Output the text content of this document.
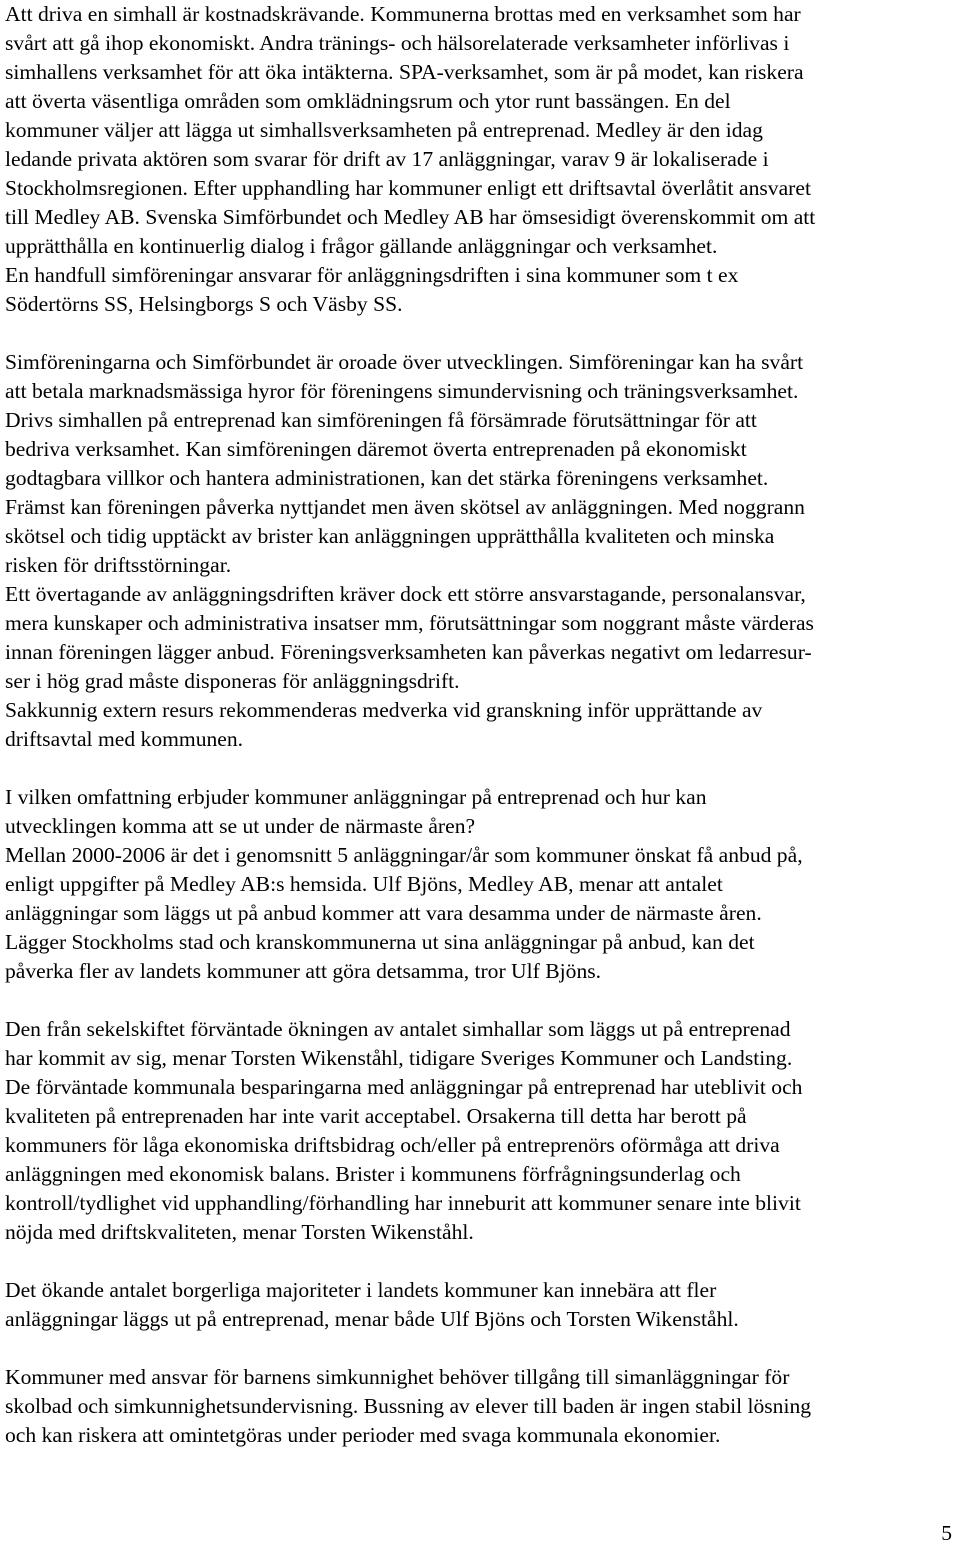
Att driva en simhall är kostnadskrävande. Kommunerna brottas med en verksamhet som har
svårt att gå ihop ekonomiskt. Andra tränings- och hälsorelaterade verksamheter införlivas i
simhallens verksamhet för att öka intäkterna. SPA-verksamhet, som är på modet, kan riskera
att överta väsentliga områden som omklädningsrum och ytor runt bassängen. En del
kommuner väljer att lägga ut simhallsverksamheten på entreprenad. Medley är den idag
ledande privata aktören som svarar för drift av 17 anläggningar, varav 9 är lokaliserade i
Stockholmsregionen. Efter upphandling har kommuner enligt ett driftsavtal överlåtit ansvaret
till Medley AB. Svenska Simförbundet och Medley AB har ömsesidigt överenskommit om att
upprätthålla en kontinuerlig dialog i frågor gällande anläggningar och verksamhet.
En handfull simföreningar ansvarar för anläggningsdriften i sina kommuner som t ex
Södertörns SS, Helsingborgs S och Väsby SS.
Simföreningarna och Simförbundet är oroade över utvecklingen. Simföreningar kan ha svårt
att betala marknadsmässiga hyror för föreningens simundervisning och träningsverksamhet.
Drivs simhallen på entreprenad kan simföreningen få försämrade förutsättningar för att
bedriva verksamhet. Kan simföreningen däremot överta entreprenaden på ekonomiskt
godtagbara villkor och hantera administrationen, kan det stärka föreningens verksamhet.
Främst kan föreningen påverka nyttjandet men även skötsel av anläggningen. Med noggrann
skötsel och tidig upptäckt av brister kan anläggningen upprätthålla kvaliteten och minska
risken för driftsstörningar.
Ett övertagande av anläggningsdriften kräver dock ett större ansvarstagande, personalansvar,
mera kunskaper och administrativa insatser mm, förutsättningar som noggrant måste värderas
innan föreningen lägger anbud. Föreningsverksamheten kan påverkas negativt om ledarresur-
ser i hög grad måste disponeras för anläggningsdrift.
Sakkunnig extern resurs rekommenderas medverka vid granskning inför upprättande av
driftsavtal med kommunen.
I vilken omfattning erbjuder kommuner anläggningar på entreprenad och hur kan
utvecklingen komma att se ut under de närmaste åren?
Mellan 2000-2006 är det i genomsnitt 5 anläggningar/år som kommuner önskat få anbud på,
enligt uppgifter på Medley AB:s hemsida. Ulf Bjöns, Medley AB, menar att antalet
anläggningar som läggs ut på anbud kommer att vara desamma under de närmaste åren.
Lägger Stockholms stad och kranskommunerna ut sina anläggningar på anbud, kan det
påverka fler av landets kommuner att göra detsamma, tror Ulf Bjöns.
Den från sekelskiftet förväntade ökningen av antalet simhallar som läggs ut på entreprenad
har kommit av sig, menar Torsten Wikenståhl, tidigare Sveriges Kommuner och Landsting.
De förväntade kommunala besparingarna med anläggningar på entreprenad har uteblivit och
kvaliteten på entreprenaden har inte varit acceptabel. Orsakerna till detta har berott på
kommuners för låga ekonomiska driftsbidrag och/eller på entreprenörs oförmåga att driva
anläggningen med ekonomisk balans. Brister i kommunens förfrågningsunderlag och
kontroll/tydlighet vid upphandling/förhandling har inneburit att kommuner senare inte blivit
nöjda med driftskvaliteten, menar Torsten Wikenståhl.
Det ökande antalet borgerliga majoriteter i landets kommuner kan innebära att fler
anläggningar läggs ut på entreprenad, menar både Ulf Bjöns och Torsten Wikenståhl.
Kommuner med ansvar för barnens simkunnighet behöver tillgång till simanläggningar för
skolbad och simkunnighetsundervisning. Bussning av elever till baden är ingen stabil lösning
och kan riskera att omintetgöras under perioder med svaga kommunala ekonomier.
5
